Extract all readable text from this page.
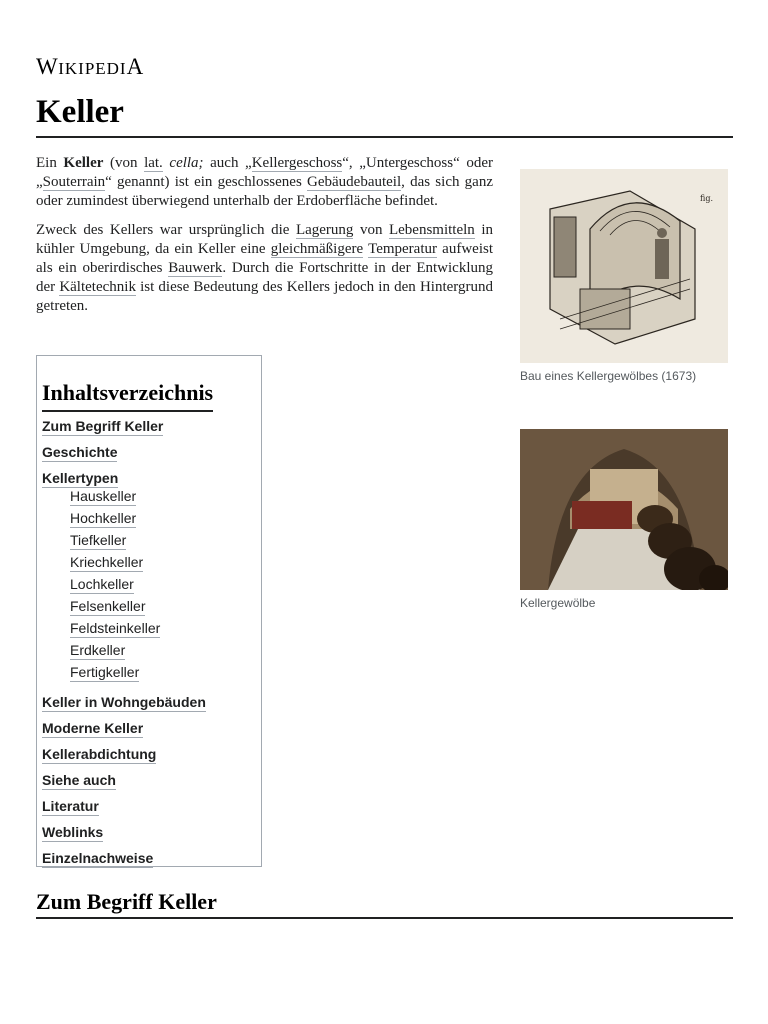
WIKIPEDIA
Keller

Ein Keller (von lat. cella; auch „Kellergeschoss“, „Untergeschoss“ oder „Souterrain“ genannt) ist ein geschlossenes Gebäudebauteil, das sich ganz oder zumindest überwiegend unterhalb der Erdoberfläche befindet.

Zweck des Kellers war ursprünglich die Lagerung von Lebensmitteln in kühler Umgebung, da ein Keller eine gleichmäßigere Temperatur aufweist als ein oberirdisches Bauwerk. Durch die Fortschritte in der Entwicklung der Kältetechnik ist diese Bedeutung des Kellers jedoch in den Hintergrund getreten.

fig.
Bau eines Kellergewölbes (1673)
Kellergewölbe
Inhaltsverzeichnis
Zum Begriff Keller
Geschichte
Kellertypen
Hauskeller
Hochkeller
Tiefkeller
Kriechkeller
Lochkeller
Felsenkeller
Feldsteinkeller
Erdkeller
Fertigkeller
Keller in Wohngebäuden
Moderne Keller
Kellerabdichtung
Siehe auch
Literatur
Weblinks
Einzelnachweise
Zum Begriff Keller
